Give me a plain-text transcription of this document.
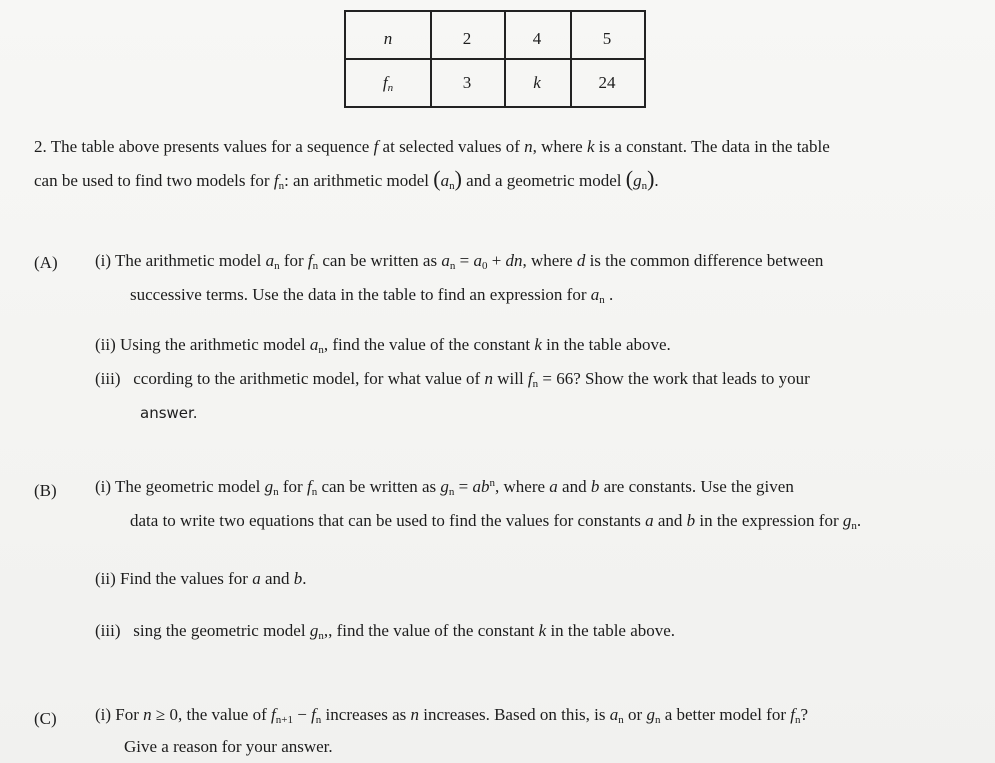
n	2	4	5
$f_n$	3	k	24
2. The table above presents values for a sequence f at selected values of n, where k is a constant. The data in the table
can be used to find two models for $f_n$: an arithmetic model $(a_n)$ and a geometric model $(g_n)$.
(A) (i) The arithmetic model $a_n$ for $f_n$ can be written as $a_n = a_0$ + dn, where d is the common difference between
successive terms. Use the data in the table to find an expression for $a_n$ .
(ii) Using the arithmetic model $a_n$, find the value of the constant k in the table above.
(iii) ccording to the arithmetic model, for what value of n will $f_n = 66$? Show the work that leads to your
answer.
(B) (i) The geometric model $g_n$ for $f_n$ can be written as $g_n = ab^n$, where a and b are constants. Use the given
data to write two equations that can be used to find the values for constants a and b in the expression for $g_n$.
(ii) Find the values for a and b.
(iii) sing the geometric model $g_n$,, find the value of the constant k in the table above.
(C) (i) For n ≥ 0, the value of $f_{n+1} - f_n$ increases as n increases. Based on this, is $a_n$ or $g_n$ a better model for $f_n$?
Give a reason for your answer.
